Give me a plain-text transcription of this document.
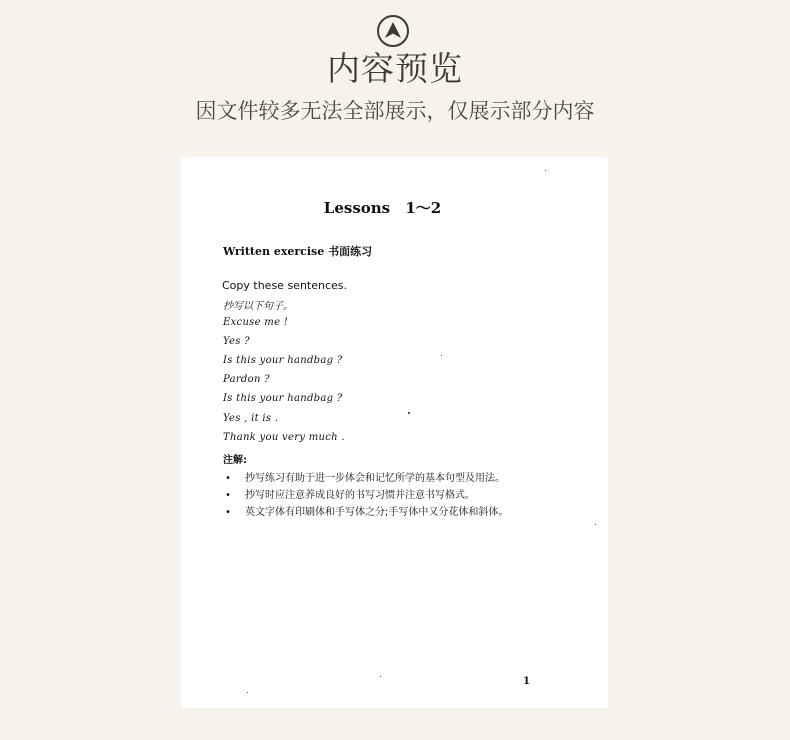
内容预览
因文件较多无法全部展示，仅展示部分内容
Lessons 1～2
Written exercise 书面练习
Copy these sentences.
抄写以下句子。
Excuse me !
Yes ?
Is this your handbag ?
Pardon ?
Is this your handbag ?
Yes , it is .
Thank you very much .
注解:
• 抄写练习有助于进一步体会和记忆所学的基本句型及用法。
• 抄写时应注意养成良好的书写习惯并注意书写格式。
• 英文字体有印刷体和手写体之分;手写体中又分花体和斜体。
1
